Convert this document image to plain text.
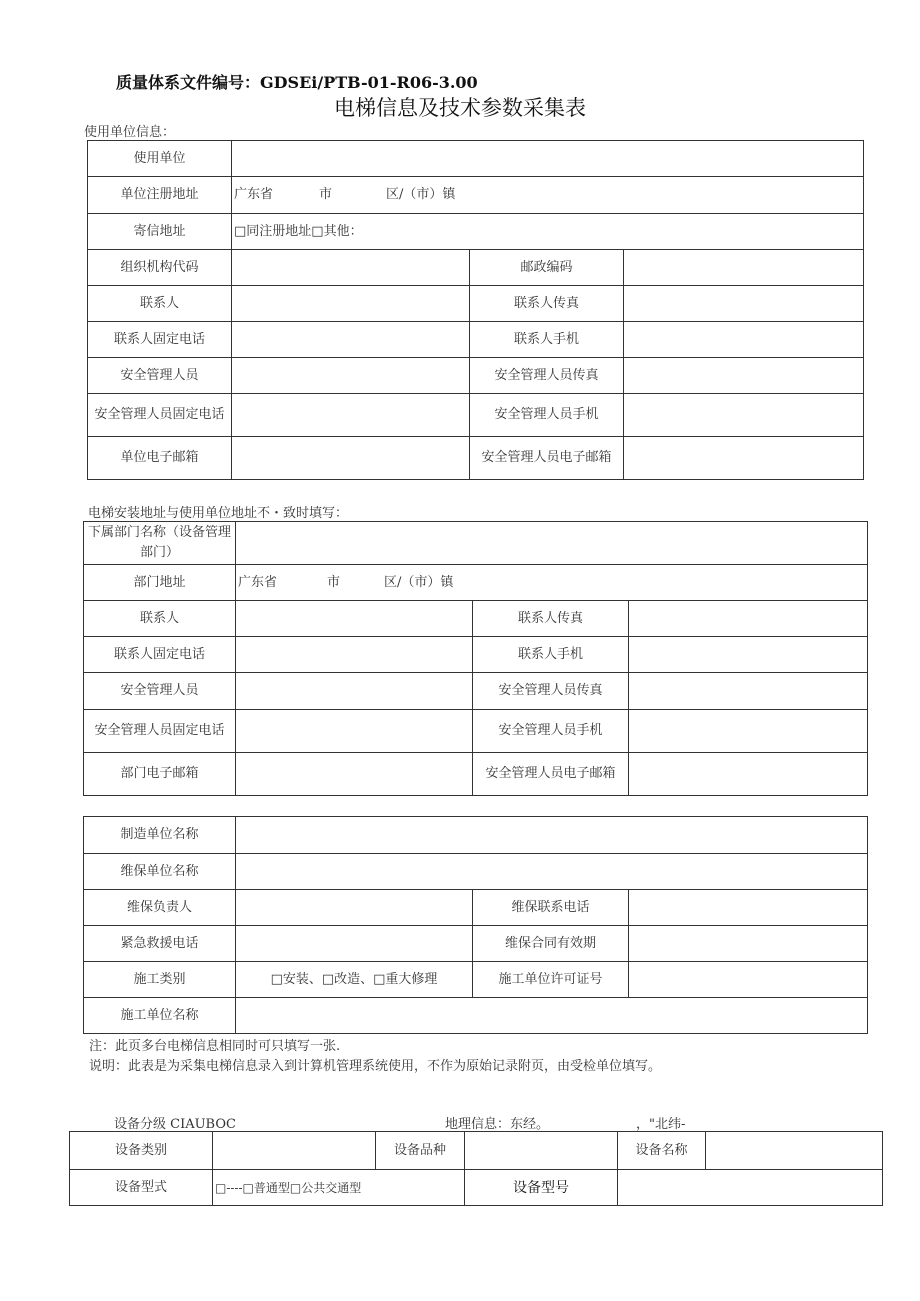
质量体系文件编号：GDSEi/PTB-01-R06-3.00
电梯信息及技术参数采集表
使用单位信息：
使用单位			
单位注册地址	广东省 市 区/（市）镇		
寄信地址	□同注册地址□其他：		
组织机构代码		邮政编码	
联系人		联系人传真	
联系人固定电话		联系人手机	
安全管理人员		安全管理人员传真	
安全管理人员固定电话		安全管理人员手机	
单位电子邮箱		安全管理人员电子邮箱	
电梯安装地址与使用单位地址不・致时填写：
下属部门名称（设备管理部门）			
部门地址	广东省 市 区/（市）镇		
联系人		联系人传真	
联系人固定电话		联系人手机	
安全管理人员		安全管理人员传真	
安全管理人员固定电话		安全管理人员手机	
部门电子邮箱		安全管理人员电子邮箱	
制造单位名称			
维保单位名称			
维保负责人		维保联系电话	
紧急救援电话		维保合同有效期	
施工类别	□安装、□改造、□重大修理	施工单位许可证号	
施工单位名称			
注：此页多台电梯信息相同时可只填写一张.
说明：此表是为采集电梯信息录入到计算机管理系统使用，不作为原始记录附页，由受检单位填写。
设备分级 CIAUBOC	地理信息：东经。	，"北纬-
设备类别		设备品种		设备名称	
设备型式	□----□普通型□公共交通型		设备型号		
